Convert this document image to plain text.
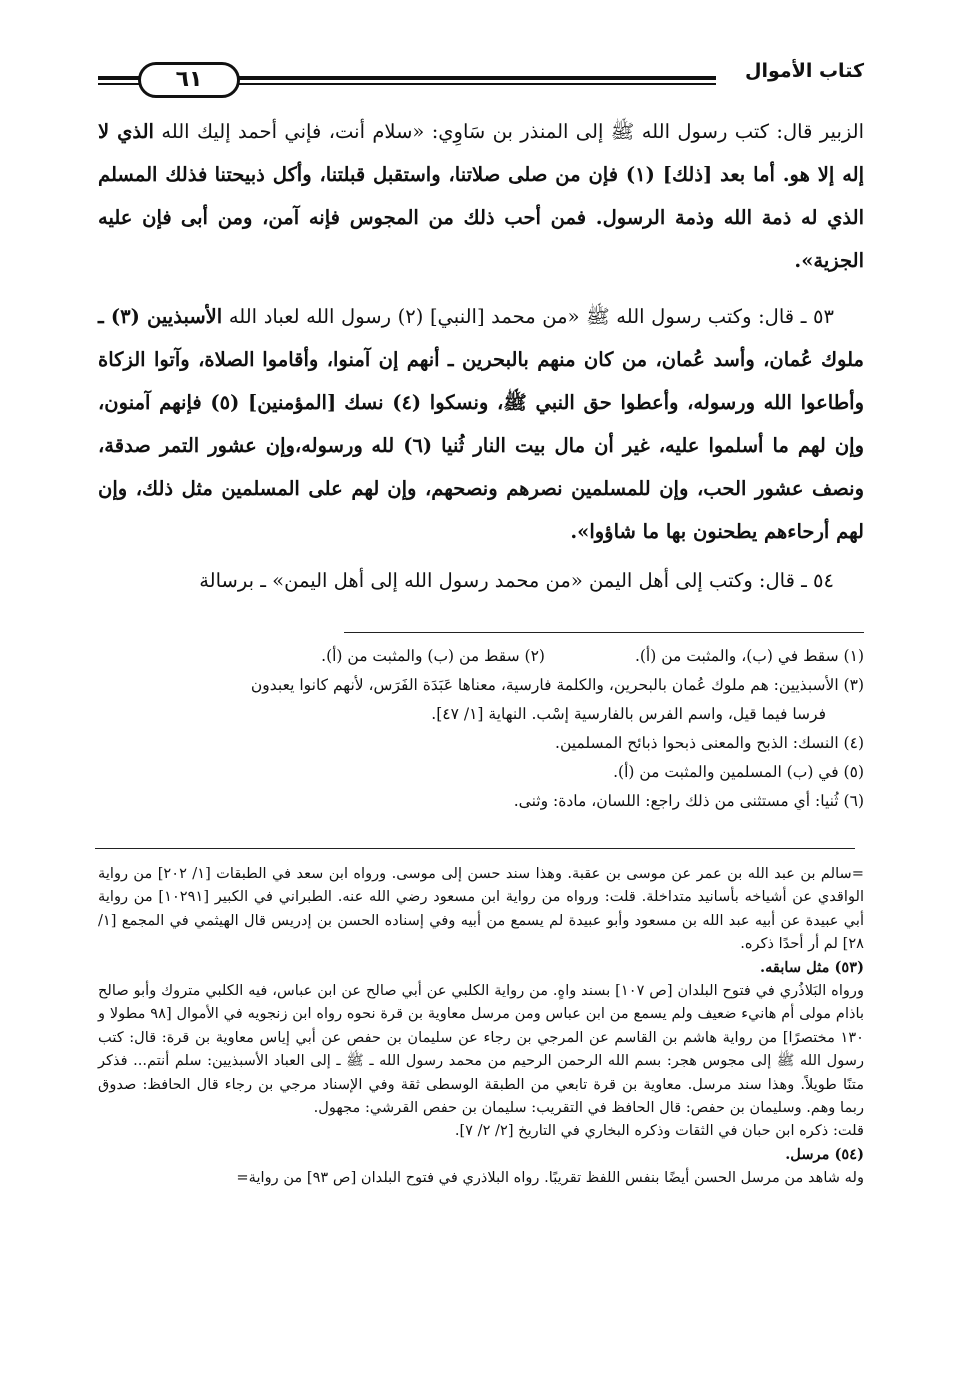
كتاب الأموال
٦١

الزبير قال: كتب رسول الله ﷺ إلى المنذر بن سَاوِي: «سلام أنت، فإني أحمد إليك الله الذي لا إله إلا هو. أما بعد [ذلك] (١) فإن من صلى صلاتنا، واستقبل قبلتنا، وأكل ذبيحتنا فذلك المسلم الذي له ذمة الله وذمة الرسول. فمن أحب ذلك من المجوس فإنه آمن، ومن أبى فإن عليه الجزية».

٥٣ ـ قال: وكتب رسول الله ﷺ «من محمد [النبي] (٢) رسول الله لعباد الله الأسبذيين (٣) ـ ملوك عُمان، وأسد عُمان، من كان منهم بالبحرين ـ أنهم إن آمنوا، وأقاموا الصلاة، وآتوا الزكاة وأطاعوا الله ورسوله، وأعطوا حق النبي ﷺ، ونسكوا (٤) نسك [المؤمنين] (٥) فإنهم آمنون، وإن لهم ما أسلموا عليه، غير أن مال بيت النار ثُنيا (٦) لله ورسوله،وإن عشور التمر صدقة، ونصف عشور الحب، وإن للمسلمين نصرهم ونصحهم، وإن لهم على المسلمين مثل ذلك، وإن لهم أرحاءهم يطحنون بها ما شاؤوا».

٥٤ ـ قال: وكتب إلى أهل اليمن «من محمد رسول الله إلى أهل اليمن» ـ برسالة

(١) سقط في (ب)، والمثبت من (أ).

(٢) سقط من (ب) والمثبت من (أ).

(٣) الأسبذيين: هم ملوك عُمان بالبحرين، والكلمة فارسية، معناها عَبَدَة الفَرَس، لأنهم كانوا يعبدون

فرسا فيما قيل، واسم الفرس بالفارسية إسْب. النهاية [١/ ٤٧].

(٤) النسك: الذبح والمعنى ذبحوا ذبائح المسلمين.

(٥) في (ب) المسلمين والمثبت من (أ).

(٦) ثُنيا: أي مستثنى من ذلك راجع: اللسان، مادة: وثنى.

=سالم بن عبد الله بن عمر عن موسى بن عقبة. وهذا سند حسن إلى موسى. ورواه ابن سعد في الطبقات [١/ ٢٠٢] من رواية الواقدي عن أشياخه بأسانيد متداخلة. قلت: ورواه من رواية ابن مسعود رضي الله عنه. الطبراني في الكبير [١٠٢٩١] من رواية أبي عبيدة عن أبيه عبد الله بن مسعود وأبو عبيدة لم يسمع من أبيه وفي إسناده الحسن بن إدريس قال الهيثمي في المجمع [١/ ٢٨] لم أر أحدًا ذكره.

(٥٣) مثل سابقه.

ورواه البَلاذُري في فتوح البلدان [ص ١٠٧] بسند واهٍ. من رواية الكلبي عن أبي صالح عن ابن عباس، فيه الكلبي متروك وأبو صالح باذام مولى أم هانيء ضعيف ولم يسمع من ابن عباس ومن مرسل معاوية بن قرة نحوه رواه ابن زنجويه في الأموال [٩٨ مطولا و ١٣٠ مختصرًا] من رواية هاشم بن القاسم عن المرجي بن رجاء عن سليمان بن حفص عن أبي إياس معاوية بن قرة: قال: كتب رسول الله ﷺ إلى مجوس هجر: بسم الله الرحمن الرحيم من محمد رسول الله ـ ﷺ ـ إلى العباد الأسبذيين: سلم أنتم... فذكر متنًا طويلاً. وهذا سند مرسل. معاوية بن قرة تابعي من الطبقة الوسطى ثقة وفي الإسناد مرجي بن رجاء قال الحافظ: صدوق ربما وهم. وسليمان بن حفص: قال الحافظ في التقريب: سليمان بن حفص القرشي: مجهول.

قلت: ذكره ابن حبان في الثقات وذكره البخاري في التاريخ [٢/ ٢/ ٧].

(٥٤) مرسل.

وله شاهد من مرسل الحسن أيضًا بنفس اللفظ تقريبًا. رواه البلاذري في فتوح البلدان [ص ٩٣] من رواية=
